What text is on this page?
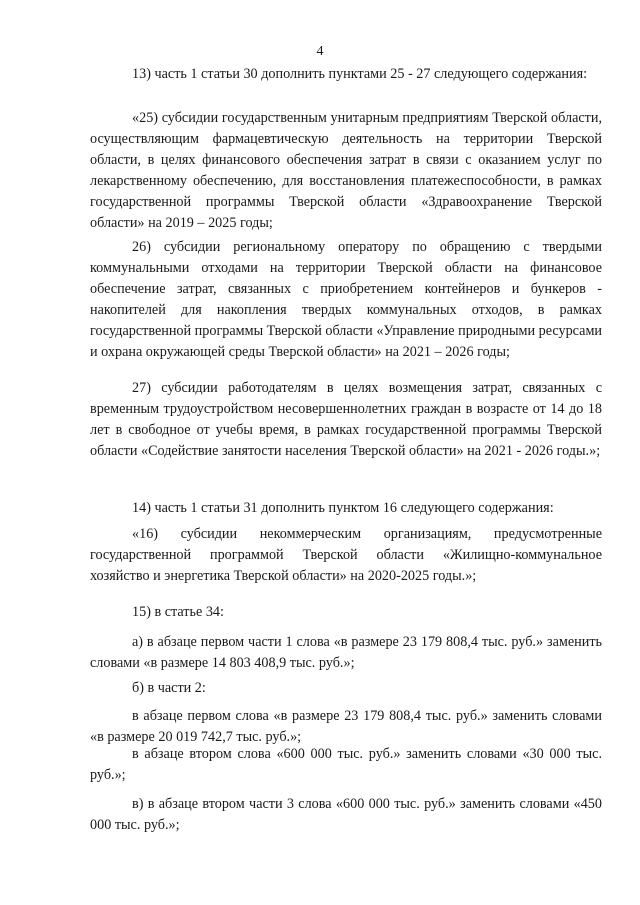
4

13) часть 1 статьи 30 дополнить пунктами 25 - 27 следующего содержания:

«25) субсидии государственным унитарным предприятиям Тверской области, осуществляющим фармацевтическую деятельность на территории Тверской области, в целях финансового обеспечения затрат в связи с оказанием услуг по лекарственному обеспечению, для восстановления платежеспособности, в рамках государственной программы Тверской области «Здравоохранение Тверской области» на 2019 – 2025 годы;

26) субсидии региональному оператору по обращению с твердыми коммунальными отходами на территории Тверской области на финансовое обеспечение затрат, связанных с приобретением контейнеров и бункеров - накопителей для накопления твердых коммунальных отходов, в рамках государственной программы Тверской области «Управление природными ресурсами и охрана окружающей среды Тверской области» на 2021 – 2026 годы;

27) субсидии работодателям в целях возмещения затрат, связанных с временным трудоустройством несовершеннолетних граждан в возрасте от 14 до 18 лет в свободное от учебы время, в рамках государственной программы Тверской области «Содействие занятости населения Тверской области» на 2021 - 2026 годы.»;

14) часть 1 статьи 31 дополнить пунктом 16 следующего содержания:

«16) субсидии некоммерческим организациям, предусмотренные государственной программой Тверской области «Жилищно-коммунальное хозяйство и энергетика Тверской области» на 2020-2025 годы.»;

15) в статье 34:

а) в абзаце первом части 1 слова «в размере 23 179 808,4 тыс. руб.» заменить словами «в размере 14 803 408,9 тыс. руб.»;

б) в части 2:

в абзаце первом слова «в размере 23 179 808,4 тыс. руб.» заменить словами «в размере 20 019 742,7 тыс. руб.»;

в абзаце втором слова «600 000 тыс. руб.» заменить словами «30 000 тыс. руб.»;

в) в абзаце втором части 3 слова «600 000 тыс. руб.» заменить словами «450 000 тыс. руб.»;
